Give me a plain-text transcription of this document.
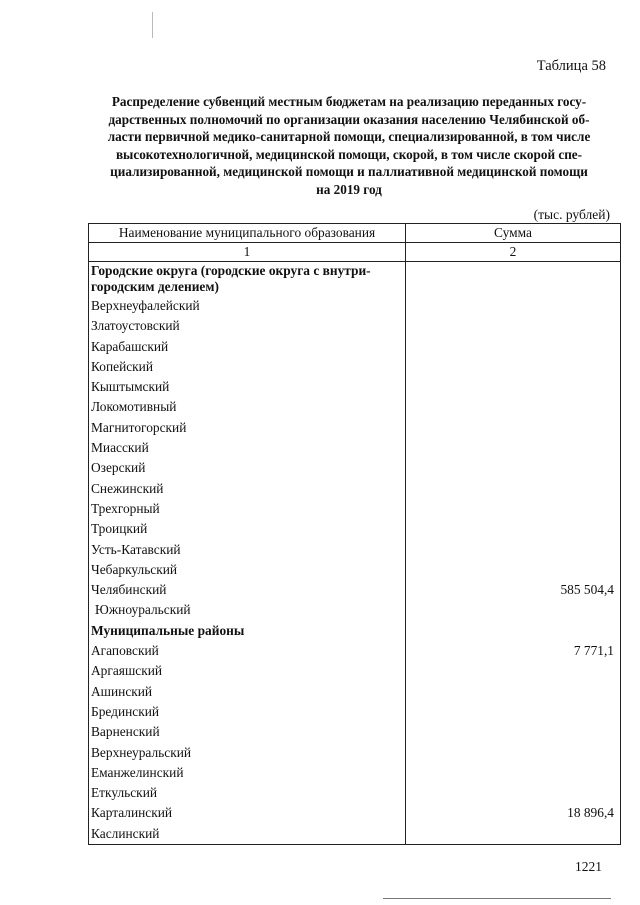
Таблица 58
Распределение субвенций местным бюджетам на реализацию переданных госу-
дарственных полномочий по организации оказания населению Челябинской об-
ласти первичной медико-санитарной помощи, специализированной, в том числе
высокотехнологичной, медицинской помощи, скорой, в том числе скорой спе-
циализированной, медицинской помощи и паллиативной медицинской помощи
на 2019 год
(тыс. рублей)
Наименование муниципального образования	Сумма
1	2

Городские округа (городские округа с внутри-
городским делением)	

Верхнеуфалейский	
Златоустовский	
Карабашский	
Копейский	
Кыштымский	
Локомотивный	
Магнитогорский	
Миасский	
Озерский	
Снежинский	
Трехгорный	
Троицкий	
Усть-Катавский	
Чебаркульский	
Челябинский	585 504,4
Южноуральский	
Муниципальные районы	
Агаповский	7 771,1
Аргаяшский	
Ашинский	
Брединский	
Варненский	
Верхнеуральский	
Еманжелинский	
Еткульский	
Карталинский	18 896,4
Каслинский	
1221
